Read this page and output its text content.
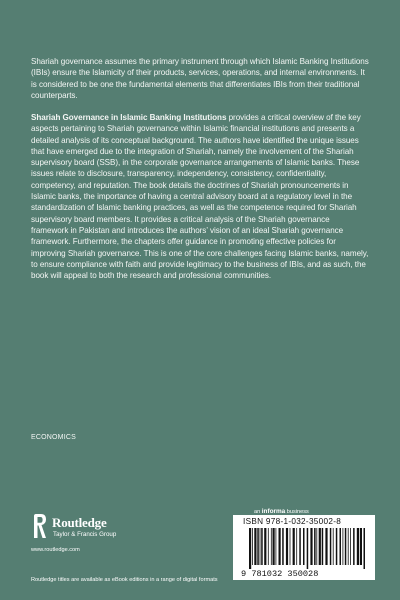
Shariah governance assumes the primary instrument through which Islamic Banking Institutions (IBIs) ensure the Islamicity of their products, services, operations, and internal environments. It is considered to be one the fundamental elements that differentiates IBIs from their traditional counterparts.
Shariah Governance in Islamic Banking Institutions provides a critical overview of the key aspects pertaining to Shariah governance within Islamic financial institutions and presents a detailed analysis of its conceptual background. The authors have identified the unique issues that have emerged due to the integration of Shariah, namely the involvement of the Shariah supervisory board (SSB), in the corporate governance arrangements of Islamic banks. These issues relate to disclosure, transparency, independency, consistency, confidentiality, competency, and reputation. The book details the doctrines of Shariah pronouncements in Islamic banks, the importance of having a central advisory board at a regulatory level in the standardization of Islamic banking practices, as well as the competence required for Shariah supervisory board members. It provides a critical analysis of the Shariah governance framework in Pakistan and introduces the authors’ vision of an ideal Shariah governance framework. Furthermore, the chapters offer guidance in promoting effective policies for improving Shariah governance. This is one of the core challenges facing Islamic banks, namely, to ensure compliance with faith and provide legitimacy to the business of IBIs, and as such, the book will appeal to both the research and professional communities.
ECONOMICS
Routledge
Taylor & Francis Group
www.routledge.com
an informa business
9 781032 350028
ISBN 978-1-032-35002-8
Routledge titles are available as eBook editions in a range of digital formats
